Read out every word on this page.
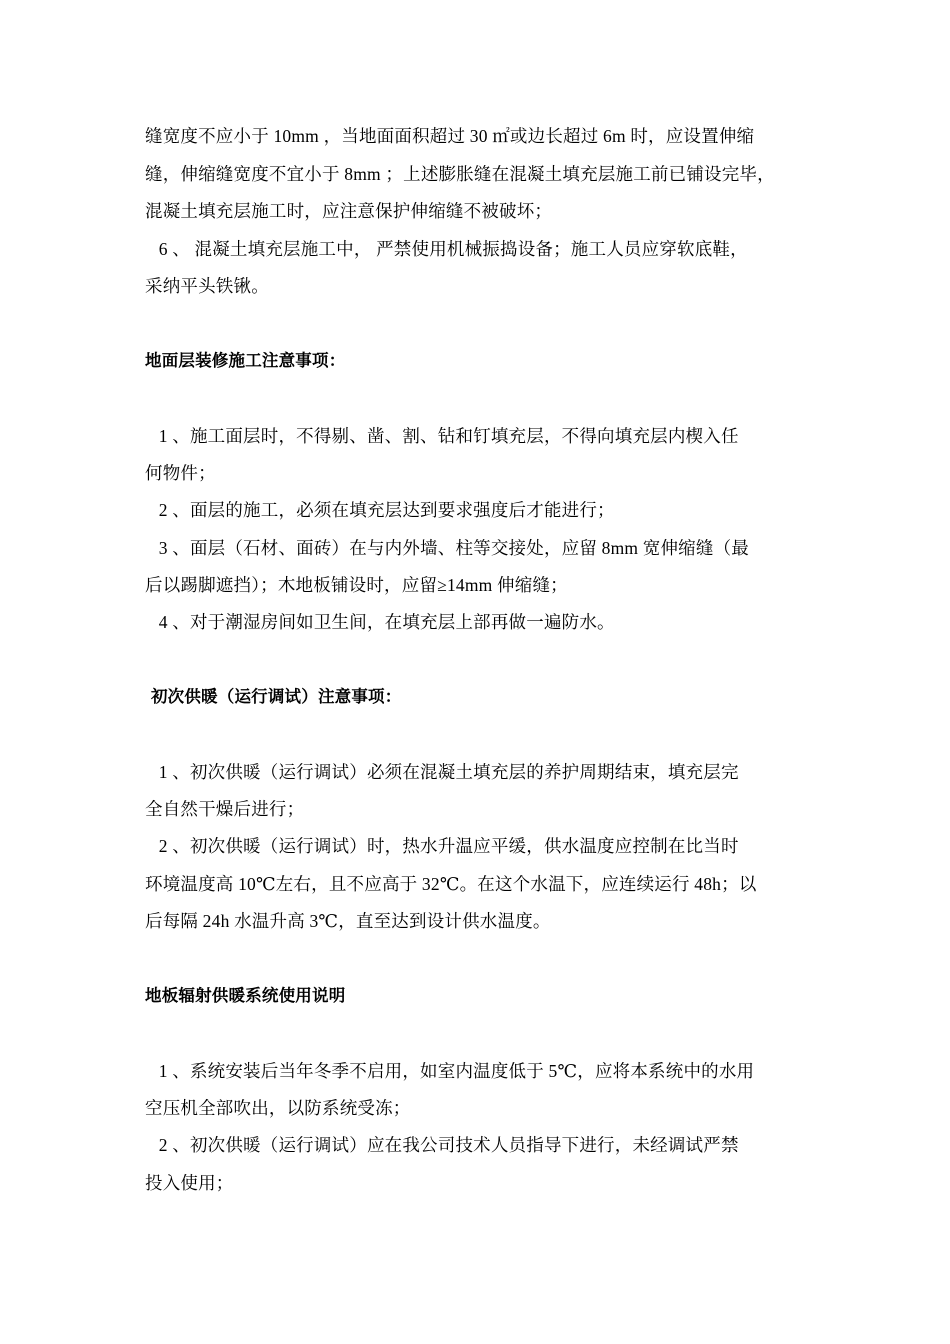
缝宽度不应小于 10mm ，当地面面积超过 30 ㎡或边长超过 6m 时，应设置伸缩
缝，伸缩缝宽度不宜小于 8mm ；上述膨胀缝在混凝土填充层施工前已铺设完毕，
混凝土填充层施工时，应注意保护伸缩缝不被破坏；
6 、 混凝土填充层施工中， 严禁使用机械振捣设备；施工人员应穿软底鞋，
采纳平头铁锹。
地面层装修施工注意事项：
1 、施工面层时，不得剔、凿、割、钻和钉填充层，不得向填充层内楔入任
何物件；
2 、面层的施工，必须在填充层达到要求强度后才能进行；
3 、面层（石材、面砖）在与内外墙、柱等交接处，应留 8mm 宽伸缩缝（最
后以踢脚遮挡）；木地板铺设时，应留≥14mm 伸缩缝；
4 、对于潮湿房间如卫生间，在填充层上部再做一遍防水。
初次供暖（运行调试）注意事项：
1 、初次供暖（运行调试）必须在混凝土填充层的养护周期结束，填充层完
全自然干燥后进行；
2 、初次供暖（运行调试）时，热水升温应平缓，供水温度应控制在比当时
环境温度高 10℃左右，且不应高于 32℃。在这个水温下，应连续运行 48h；以
后每隔 24h 水温升高 3℃，直至达到设计供水温度。
地板辐射供暖系统使用说明
1 、系统安装后当年冬季不启用，如室内温度低于 5℃，应将本系统中的水用
空压机全部吹出，以防系统受冻；
2 、初次供暖（运行调试）应在我公司技术人员指导下进行，未经调试严禁
投入使用；
